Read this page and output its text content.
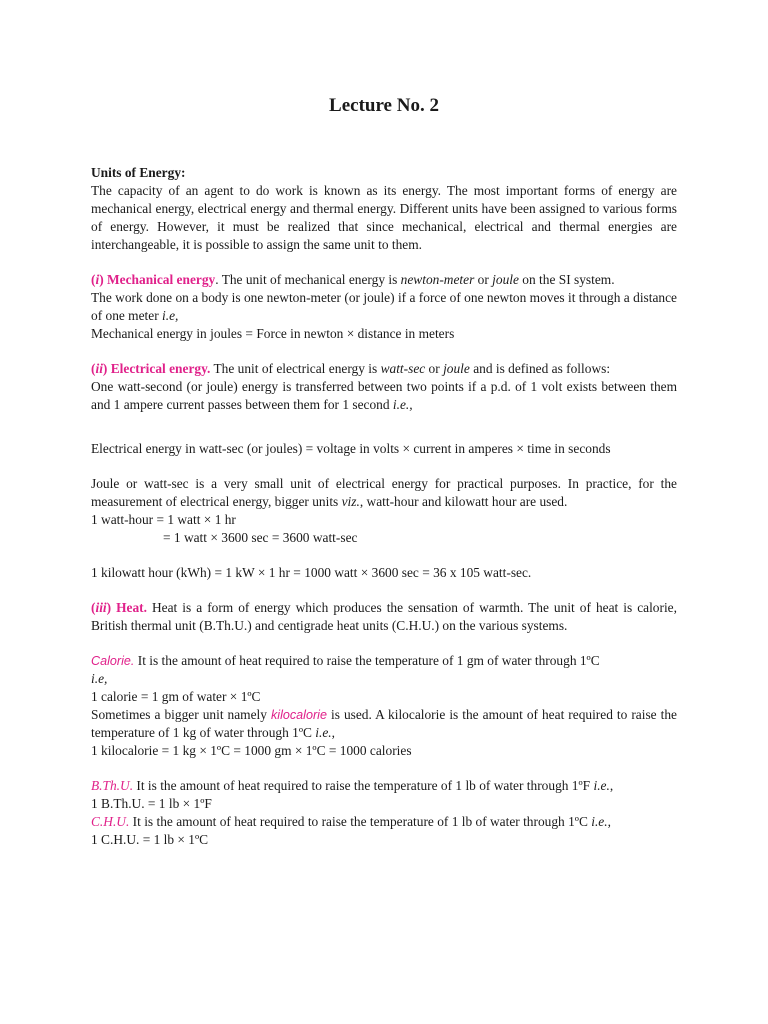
Lecture No. 2

Units of Energy:

The capacity of an agent to do work is known as its energy. The most important forms of energy are mechanical energy, electrical energy and thermal energy. Different units have been assigned to various forms of energy. However, it must be realized that since mechanical, electrical and thermal energies are interchangeable, it is possible to assign the same unit to them.

(i) Mechanical energy. The unit of mechanical energy is newton-meter or joule on the SI system.

The work done on a body is one newton-meter (or joule) if a force of one newton moves it through a distance of one meter i.e,

Mechanical energy in joules = Force in newton × distance in meters

(ii) Electrical energy. The unit of electrical energy is watt-sec or joule and is defined as follows:

One watt-second (or joule) energy is transferred between two points if a p.d. of 1 volt exists between them and 1 ampere current passes between them for 1 second i.e.,

Electrical energy in watt-sec (or joules) = voltage in volts × current in amperes × time in seconds

Joule or watt-sec is a very small unit of electrical energy for practical purposes. In practice, for the measurement of electrical energy, bigger units viz., watt-hour and kilowatt hour are used.

1 watt-hour = 1 watt × 1 hr

= 1 watt × 3600 sec = 3600 watt-sec

1 kilowatt hour (kWh) = 1 kW × 1 hr = 1000 watt × 3600 sec = 36 x 105 watt-sec.

(iii) Heat. Heat is a form of energy which produces the sensation of warmth. The unit of heat is calorie, British thermal unit (B.Th.U.) and centigrade heat units (C.H.U.) on the various systems.

Calorie. It is the amount of heat required to raise the temperature of 1 gm of water through 1ºC

i.e,

1 calorie = 1 gm of water × 1ºC

Sometimes a bigger unit namely kilocalorie is used. A kilocalorie is the amount of heat required to raise the temperature of 1 kg of water through 1ºC i.e.,

1 kilocalorie = 1 kg × 1ºC = 1000 gm × 1ºC = 1000 calories

B.Th.U. It is the amount of heat required to raise the temperature of 1 lb of water through 1ºF i.e.,

1 B.Th.U. = 1 lb × 1ºF

C.H.U. It is the amount of heat required to raise the temperature of 1 lb of water through 1ºC i.e.,

1 C.H.U. = 1 lb × 1ºC
